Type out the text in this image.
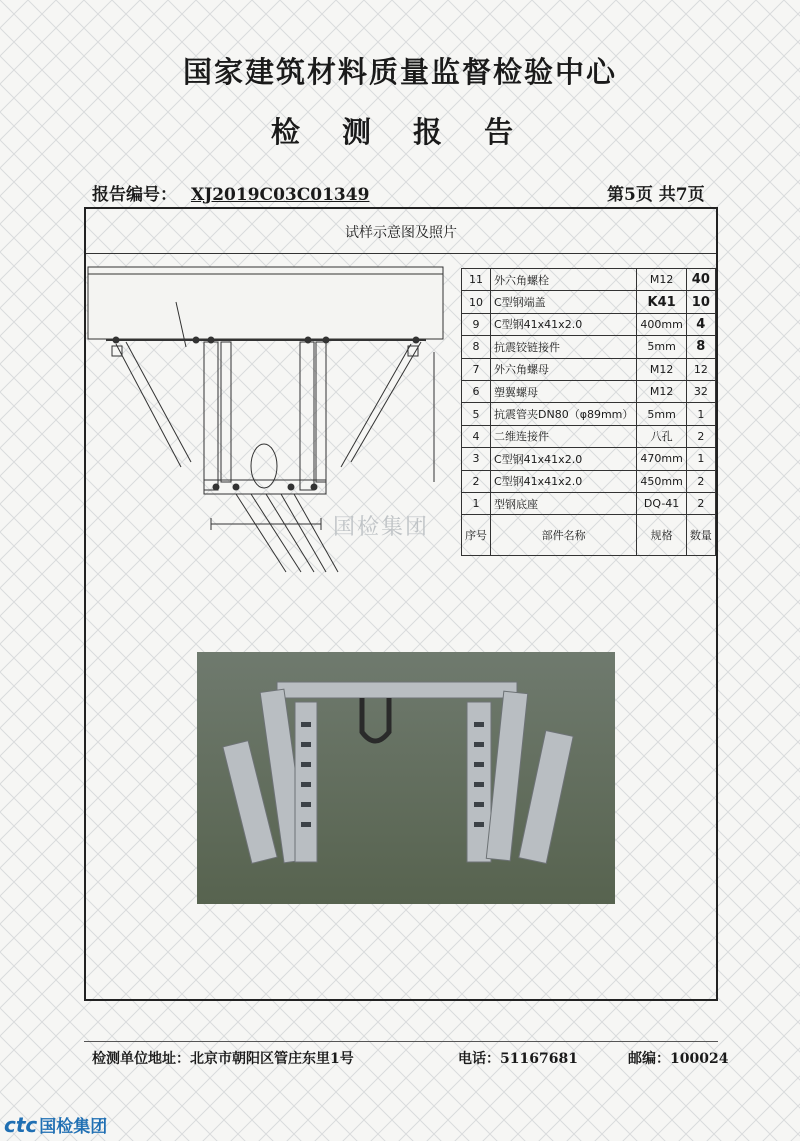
国家建筑材料质量监督检验中心
检 测 报 告
报告编号： XJ2019C03C01349	第5页 共7页
试样示意图及照片
11	外六角螺栓	M12	40
10	C型钢端盖	K41	10
9	C型钢41x41x2.0	400mm	4
8	抗震铰链接件	5mm	8
7	外六角螺母	M12	12
6	塑翼螺母	M12	32
5	抗震管夹DN80（φ89mm）	5mm	1
4	二维连接件	八孔	2
3	C型钢41x41x2.0	470mm	1
2	C型钢41x41x2.0	450mm	2
1	型钢底座	DQ-41	2
序号	部件名称	规格	数量
国检集团
检测单位地址：北京市朝阳区管庄东里1号	电话：51167681	邮编：100024
ctc 国检集团
